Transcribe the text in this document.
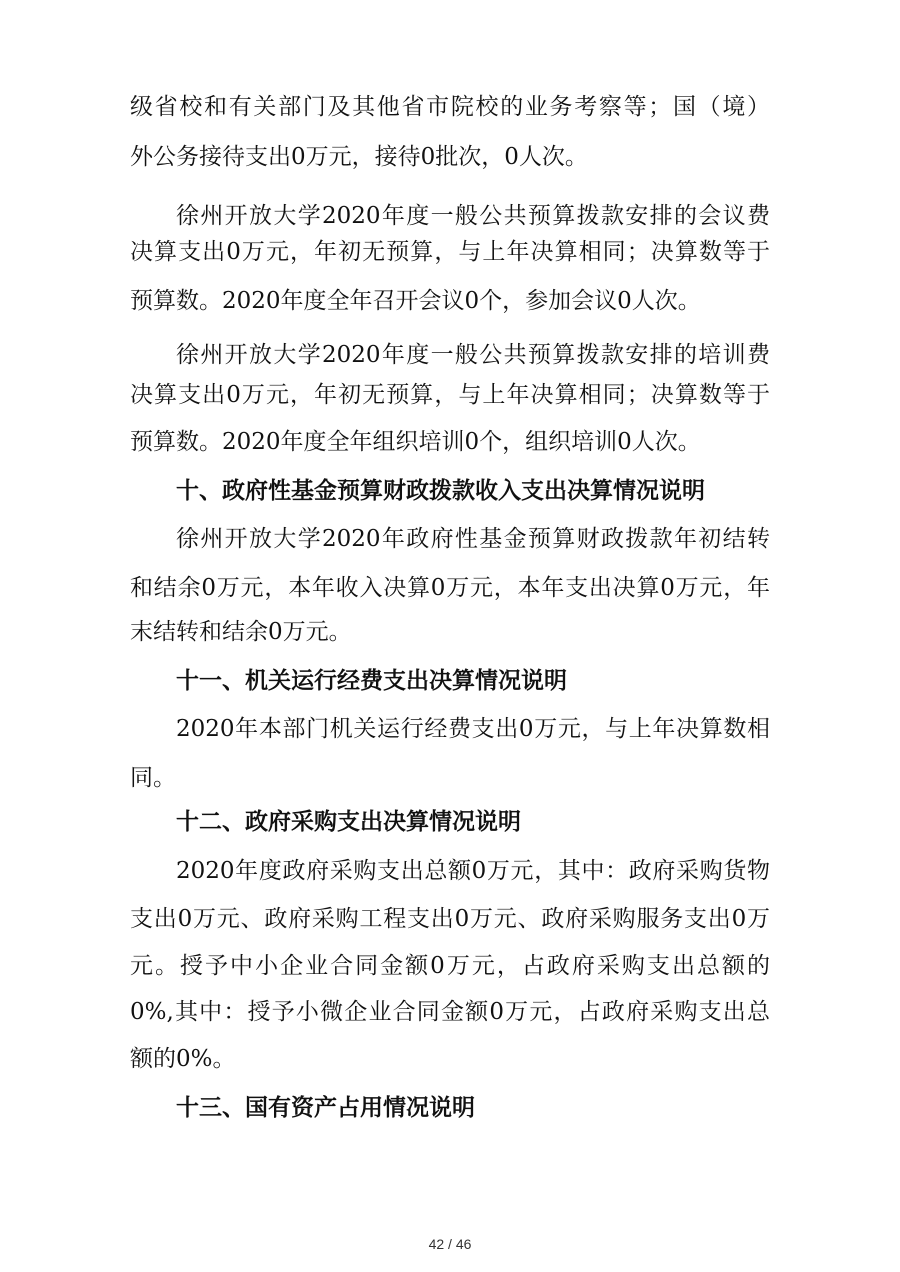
级省校和有关部门及其他省市院校的业务考察等；国（境）
外公务接待支出0万元，接待0批次，0人次。
徐州开放大学2020年度一般公共预算拨款安排的会议费
决算支出0万元，年初无预算，与上年决算相同；决算数等于
预算数。2020年度全年召开会议0个，参加会议0人次。
徐州开放大学2020年度一般公共预算拨款安排的培训费
决算支出0万元，年初无预算，与上年决算相同；决算数等于
预算数。2020年度全年组织培训0个，组织培训0人次。
十、政府性基金预算财政拨款收入支出决算情况说明
徐州开放大学2020年政府性基金预算财政拨款年初结转
和结余0万元，本年收入决算0万元，本年支出决算0万元，年
末结转和结余0万元。
十一、机关运行经费支出决算情况说明
2020年本部门机关运行经费支出0万元，与上年决算数相
同。
十二、政府采购支出决算情况说明
2020年度政府采购支出总额0万元，其中：政府采购货物
支出0万元、政府采购工程支出0万元、政府采购服务支出0万
元。授予中小企业合同金额0万元，占政府采购支出总额的
0%,其中：授予小微企业合同金额0万元，占政府采购支出总
额的0%。
十三、国有资产占用情况说明
42 / 46
